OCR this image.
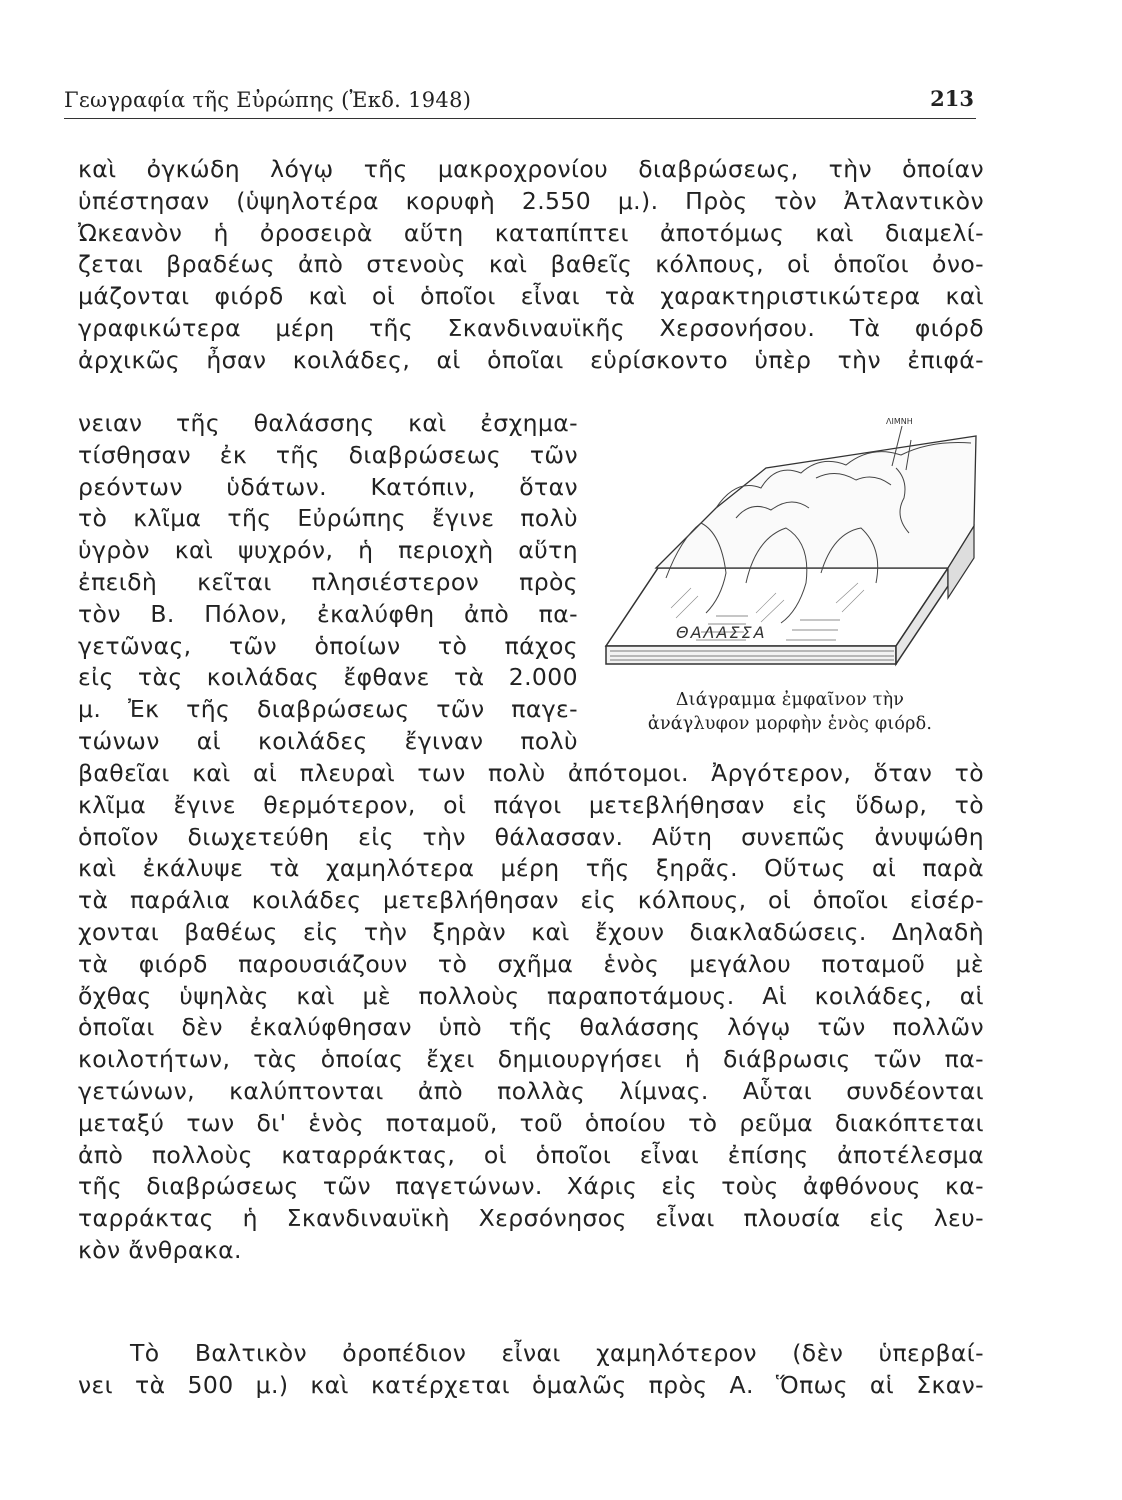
Γεωγραφία τῆς Εὐρώπης (Ἐκδ. 1948)	213
καὶ ὀγκώδη λόγῳ τῆς μακροχρονίου διαβρώσεως, τὴν ὁποίαν
ὑπέστησαν (ὑψηλοτέρα κορυφὴ 2.550 μ.). Πρὸς τὸν Ἀτλαντικὸν
Ὠκεανὸν ἡ ὀροσειρὰ αὕτη καταπίπτει ἀποτόμως καὶ διαμελί-
ζεται βραδέως ἀπὸ στενοὺς καὶ βαθεῖς κόλπους, οἱ ὁποῖοι ὀνο-
μάζονται φιόρδ καὶ οἱ ὁποῖοι εἶναι τὰ χαρακτηριστικώτερα καὶ
γραφικώτερα μέρη τῆς Σκανδιναυϊκῆς Χερσονήσου. Τὰ φιόρδ
ἀρχικῶς ἦσαν κοιλάδες, αἱ ὁποῖαι εὑρίσκοντο ὑπὲρ τὴν ἐπιφά-
νειαν τῆς θαλάσσης καὶ ἐσχημα-
τίσθησαν ἐκ τῆς διαβρώσεως τῶν
ρεόντων ὑδάτων. Κατόπιν, ὅταν
τὸ κλῖμα τῆς Εὐρώπης ἔγινε πολὺ
ὑγρὸν καὶ ψυχρόν, ἡ περιοχὴ αὕτη
ἐπειδὴ κεῖται πλησιέστερον πρὸς
τὸν Β. Πόλον, ἐκαλύφθη ἀπὸ πα-
γετῶνας, τῶν ὁποίων τὸ πάχος
εἰς τὰς κοιλάδας ἔφθανε τὰ 2.000
μ. Ἐκ τῆς διαβρώσεως τῶν παγε-
τώνων αἱ κοιλάδες ἔγιναν πολὺ
ΛΙΜΝΗ
ΘΑΛΑΣΣΑ
Διάγραμμα ἐμφαῖνον τὴν
ἀνάγλυφον μορφὴν ἑνὸς φιόρδ.
βαθεῖαι καὶ αἱ πλευραὶ των πολὺ ἀπότομοι. Ἀργότερον, ὅταν τὸ
κλῖμα ἔγινε θερμότερον, οἱ πάγοι μετεβλήθησαν εἰς ὕδωρ, τὸ
ὁποῖον διωχετεύθη εἰς τὴν θάλασσαν. Αὕτη συνεπῶς ἀνυψώθη
καὶ ἐκάλυψε τὰ χαμηλότερα μέρη τῆς ξηρᾶς. Οὕτως αἱ παρὰ
τὰ παράλια κοιλάδες μετεβλήθησαν εἰς κόλπους, οἱ ὁποῖοι εἰσέρ-
χονται βαθέως εἰς τὴν ξηρὰν καὶ ἔχουν διακλαδώσεις. Δηλαδὴ
τὰ φιόρδ παρουσιάζουν τὸ σχῆμα ἑνὸς μεγάλου ποταμοῦ μὲ
ὄχθας ὑψηλὰς καὶ μὲ πολλοὺς παραποτάμους. Αἱ κοιλάδες, αἱ
ὁποῖαι δὲν ἐκαλύφθησαν ὑπὸ τῆς θαλάσσης λόγῳ τῶν πολλῶν
κοιλοτήτων, τὰς ὁποίας ἔχει δημιουργήσει ἡ διάβρωσις τῶν πα-
γετώνων, καλύπτονται ἀπὸ πολλὰς λίμνας. Αὗται συνδέονται
μεταξύ των δι' ἑνὸς ποταμοῦ, τοῦ ὁποίου τὸ ρεῦμα διακόπτεται
ἀπὸ πολλοὺς καταρράκτας, οἱ ὁποῖοι εἶναι ἐπίσης ἀποτέλεσμα
τῆς διαβρώσεως τῶν παγετώνων. Χάρις εἰς τοὺς ἀφθόνους κα-
ταρράκτας ἡ Σκανδιναυϊκὴ Χερσόνησος εἶναι πλουσία εἰς λευ-
κὸν ἄνθρακα.
Τὸ Βαλτικὸν ὀροπέδιον εἶναι χαμηλότερον (δὲν ὑπερβαί-
νει τὰ 500 μ.) καὶ κατέρχεται ὁμαλῶς πρὸς Α. Ὅπως αἱ Σκαν-
